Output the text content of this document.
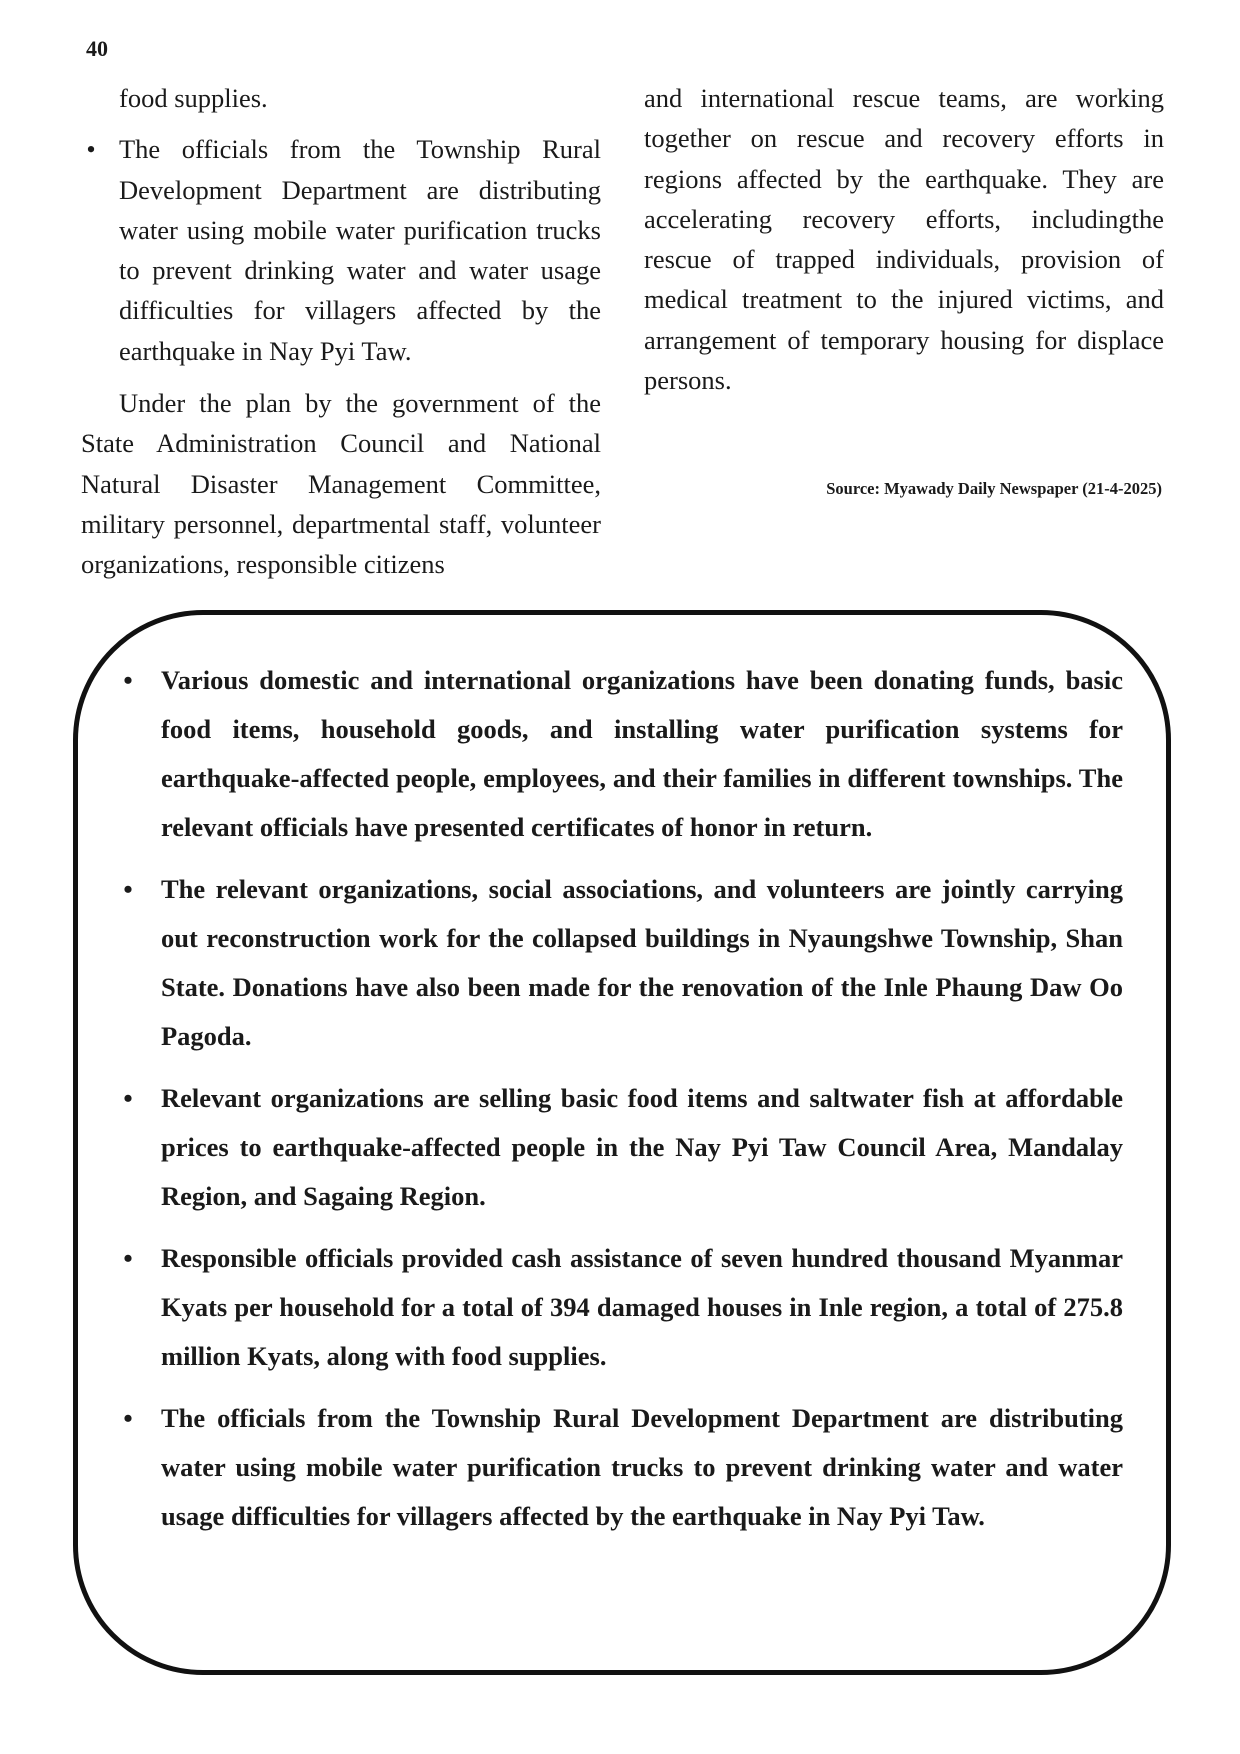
40

food supplies.

• The officials from the Township Rural Development Department are distributing water using mobile water purification trucks to prevent drinking water and water usage difficulties for villagers affected by the earthquake in Nay Pyi Taw.

Under the plan by the government of the State Administration Council and National Natural Disaster Management Committee, military personnel, departmental staff, volunteer organizations, responsible citizens

and international rescue teams, are working together on rescue and recovery efforts in regions affected by the earthquake. They are accelerating recovery efforts, includingthe rescue of trapped individuals, provision of medical treatment to the injured victims, and arrangement of temporary housing for displace persons.

Source: Myawady Daily Newspaper (21-4-2025)
• Various domestic and international organizations have been donating funds, basic food items, household goods, and installing water purification systems for earthquake-affected people, employees, and their families in different townships. The relevant officials have presented certificates of honor in return.
• The relevant organizations, social associations, and volunteers are jointly carrying out reconstruction work for the collapsed buildings in Nyaungshwe Township, Shan State. Donations have also been made for the renovation of the Inle Phaung Daw Oo Pagoda.
• Relevant organizations are selling basic food items and saltwater fish at affordable prices to earthquake-affected people in the Nay Pyi Taw Council Area, Mandalay Region, and Sagaing Region.
• Responsible officials provided cash assistance of seven hundred thousand Myanmar Kyats per household for a total of 394 damaged houses in Inle region, a total of 275.8 million Kyats, along with food supplies.
• The officials from the Township Rural Development Department are distributing water using mobile water purification trucks to prevent drinking water and water usage difficulties for villagers affected by the earthquake in Nay Pyi Taw.
